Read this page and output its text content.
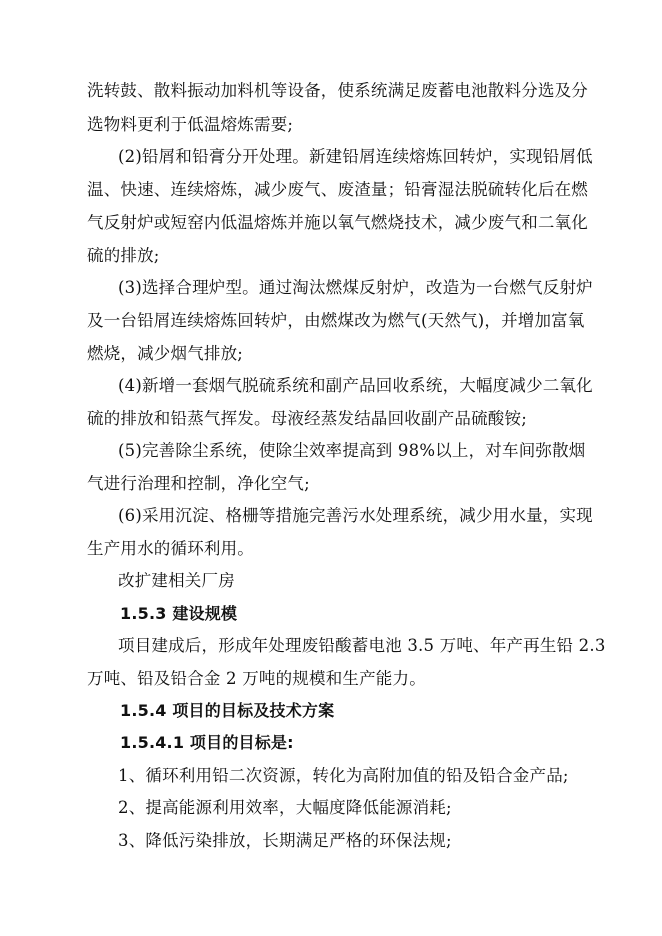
洗转鼓、散料振动加料机等设备，使系统满足废蓄电池散料分选及分
选物料更利于低温熔炼需要;
(2)铅屑和铅膏分开处理。新建铅屑连续熔炼回转炉，实现铅屑低
温、快速、连续熔炼，减少废气、废渣量；铅膏湿法脱硫转化后在燃
气反射炉或短窑内低温熔炼并施以氧气燃烧技术，减少废气和二氧化
硫的排放;
(3)选择合理炉型。通过淘汰燃煤反射炉，改造为一台燃气反射炉
及一台铅屑连续熔炼回转炉，由燃煤改为燃气(天然气)，并增加富氧
燃烧，减少烟气排放;
(4)新增一套烟气脱硫系统和副产品回收系统，大幅度减少二氧化
硫的排放和铅蒸气挥发。母液经蒸发结晶回收副产品硫酸铵;
(5)完善除尘系统，使除尘效率提高到 98%以上，对车间弥散烟
气进行治理和控制，净化空气;
(6)采用沉淀、格栅等措施完善污水处理系统，减少用水量，实现
生产用水的循环利用。
改扩建相关厂房
1.5.3 建设规模
项目建成后，形成年处理废铅酸蓄电池 3.5 万吨、年产再生铅 2.3
万吨、铅及铅合金 2 万吨的规模和生产能力。
1.5.4 项目的目标及技术方案
1.5.4.1 项目的目标是:
1、循环利用铅二次资源，转化为高附加值的铅及铅合金产品;
2、提高能源利用效率，大幅度降低能源消耗;
3、降低污染排放，长期满足严格的环保法规;
